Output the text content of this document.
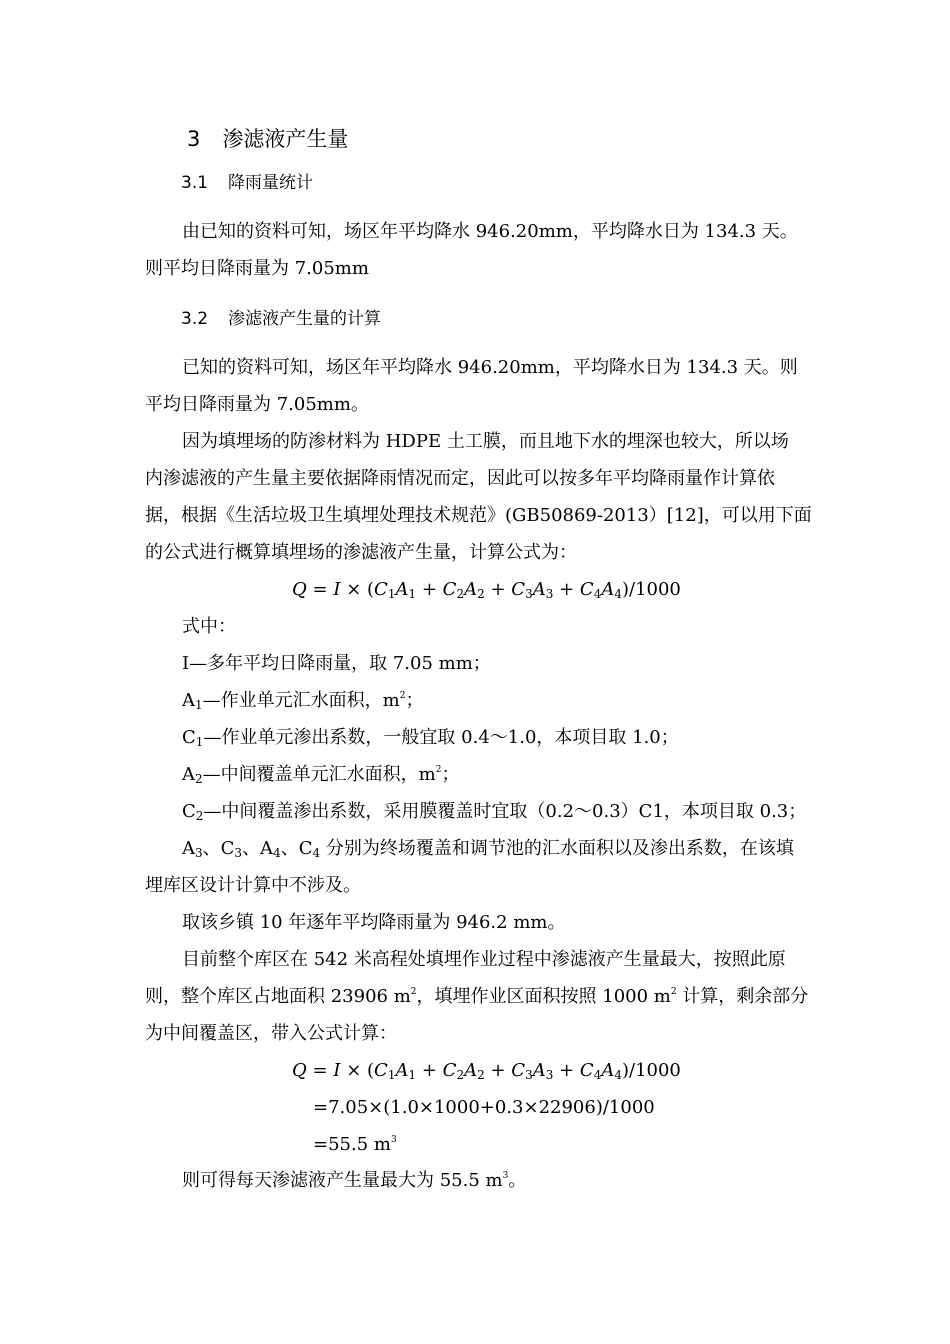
3 渗滤液产生量
3.1 降雨量统计
由已知的资料可知，场区年平均降水 946.20mm，平均降水日为 134.3 天。
则平均日降雨量为 7.05mm
3.2 渗滤液产生量的计算
已知的资料可知，场区年平均降水 946.20mm，平均降水日为 134.3 天。则
平均日降雨量为 7.05mm。
因为填埋场的防渗材料为 HDPE 土工膜，而且地下水的埋深也较大，所以场
内渗滤液的产生量主要依据降雨情况而定，因此可以按多年平均降雨量作计算依
据，根据《生活垃圾卫生填埋处理技术规范》(GB50869-2013）[12]，可以用下面
的公式进行概算填埋场的渗滤液产生量，计算公式为：
$Q = I \times (C_1A_1 + C_2A_2 + C_3A_3 + C_4A_4)/1000$
式中：
I—多年平均日降雨量，取 7.05 mm；
$A_1—$作业单元汇水面积，$m^2$；
$C_1—$作业单元渗出系数，一般宜取 0.4～1.0，本项目取 1.0；
$A_2—$中间覆盖单元汇水面积，$m^2$；
$C_2—$中间覆盖渗出系数，采用膜覆盖时宜取（0.2～0.3）C1，本项目取 0.3；
$A_3$、$C_3$、$A_4$、$C_4$ 分别为终场覆盖和调节池的汇水面积以及渗出系数，在该填
埋库区设计计算中不涉及。
取该乡镇 10 年逐年平均降雨量为 946.2 mm。
目前整个库区在 542 米高程处填埋作业过程中渗滤液产生量最大，按照此原
则，整个库区占地面积 23906 $m^2$，填埋作业区面积按照 1000 $m^2$ 计算，剩余部分
为中间覆盖区，带入公式计算：
$Q = I \times (C_1A_1 + C_2A_2 + C_3A_3 + C_4A_4)/1000$
=7.05×(1.0×1000+0.3×22906)/1000
=55.5 $m^3$
则可得每天渗滤液产生量最大为 55.5 $m^3$。
